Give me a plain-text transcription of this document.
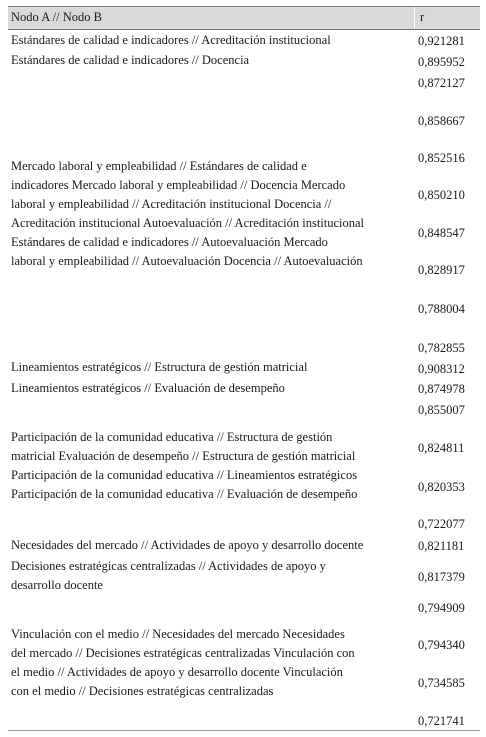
Nodo A // Nodo B	r
Estándares de calidad e indicadores // Acreditación institucional
Estándares de calidad e indicadores // Docencia
0,921281
0,895952
0,872127
0,858667
Mercado laboral y empleabilidad // Estándares de calidad e
indicadores Mercado laboral y empleabilidad // Docencia Mercado
laboral y empleabilidad // Acreditación institucional Docencia //
Acreditación institucional Autoevaluación // Acreditación institucional
Estándares de calidad e indicadores // Autoevaluación Mercado
laboral y empleabilidad // Autoevaluación Docencia // Autoevaluación
0,852516
0,850210
0,848547
0,828917
0,788004
0,782855
Lineamientos estratégicos // Estructura de gestión matricial
Lineamientos estratégicos // Evaluación de desempeño
0,908312
0,874978
0,855007
Participación de la comunidad educativa // Estructura de gestión
matricial Evaluación de desempeño // Estructura de gestión matricial
Participación de la comunidad educativa // Lineamientos estratégicos
Participación de la comunidad educativa // Evaluación de desempeño
0,824811
0,820353
0,722077
Necesidades del mercado // Actividades de apoyo y desarrollo docente
Decisiones estratégicas centralizadas // Actividades de apoyo y
desarrollo docente
0,821181
0,817379
0,794909
Vinculación con el medio // Necesidades del mercado Necesidades
del mercado // Decisiones estratégicas centralizadas Vinculación con
el medio // Actividades de apoyo y desarrollo docente Vinculación
con el medio // Decisiones estratégicas centralizadas
0,794340
0,734585
0,721741
